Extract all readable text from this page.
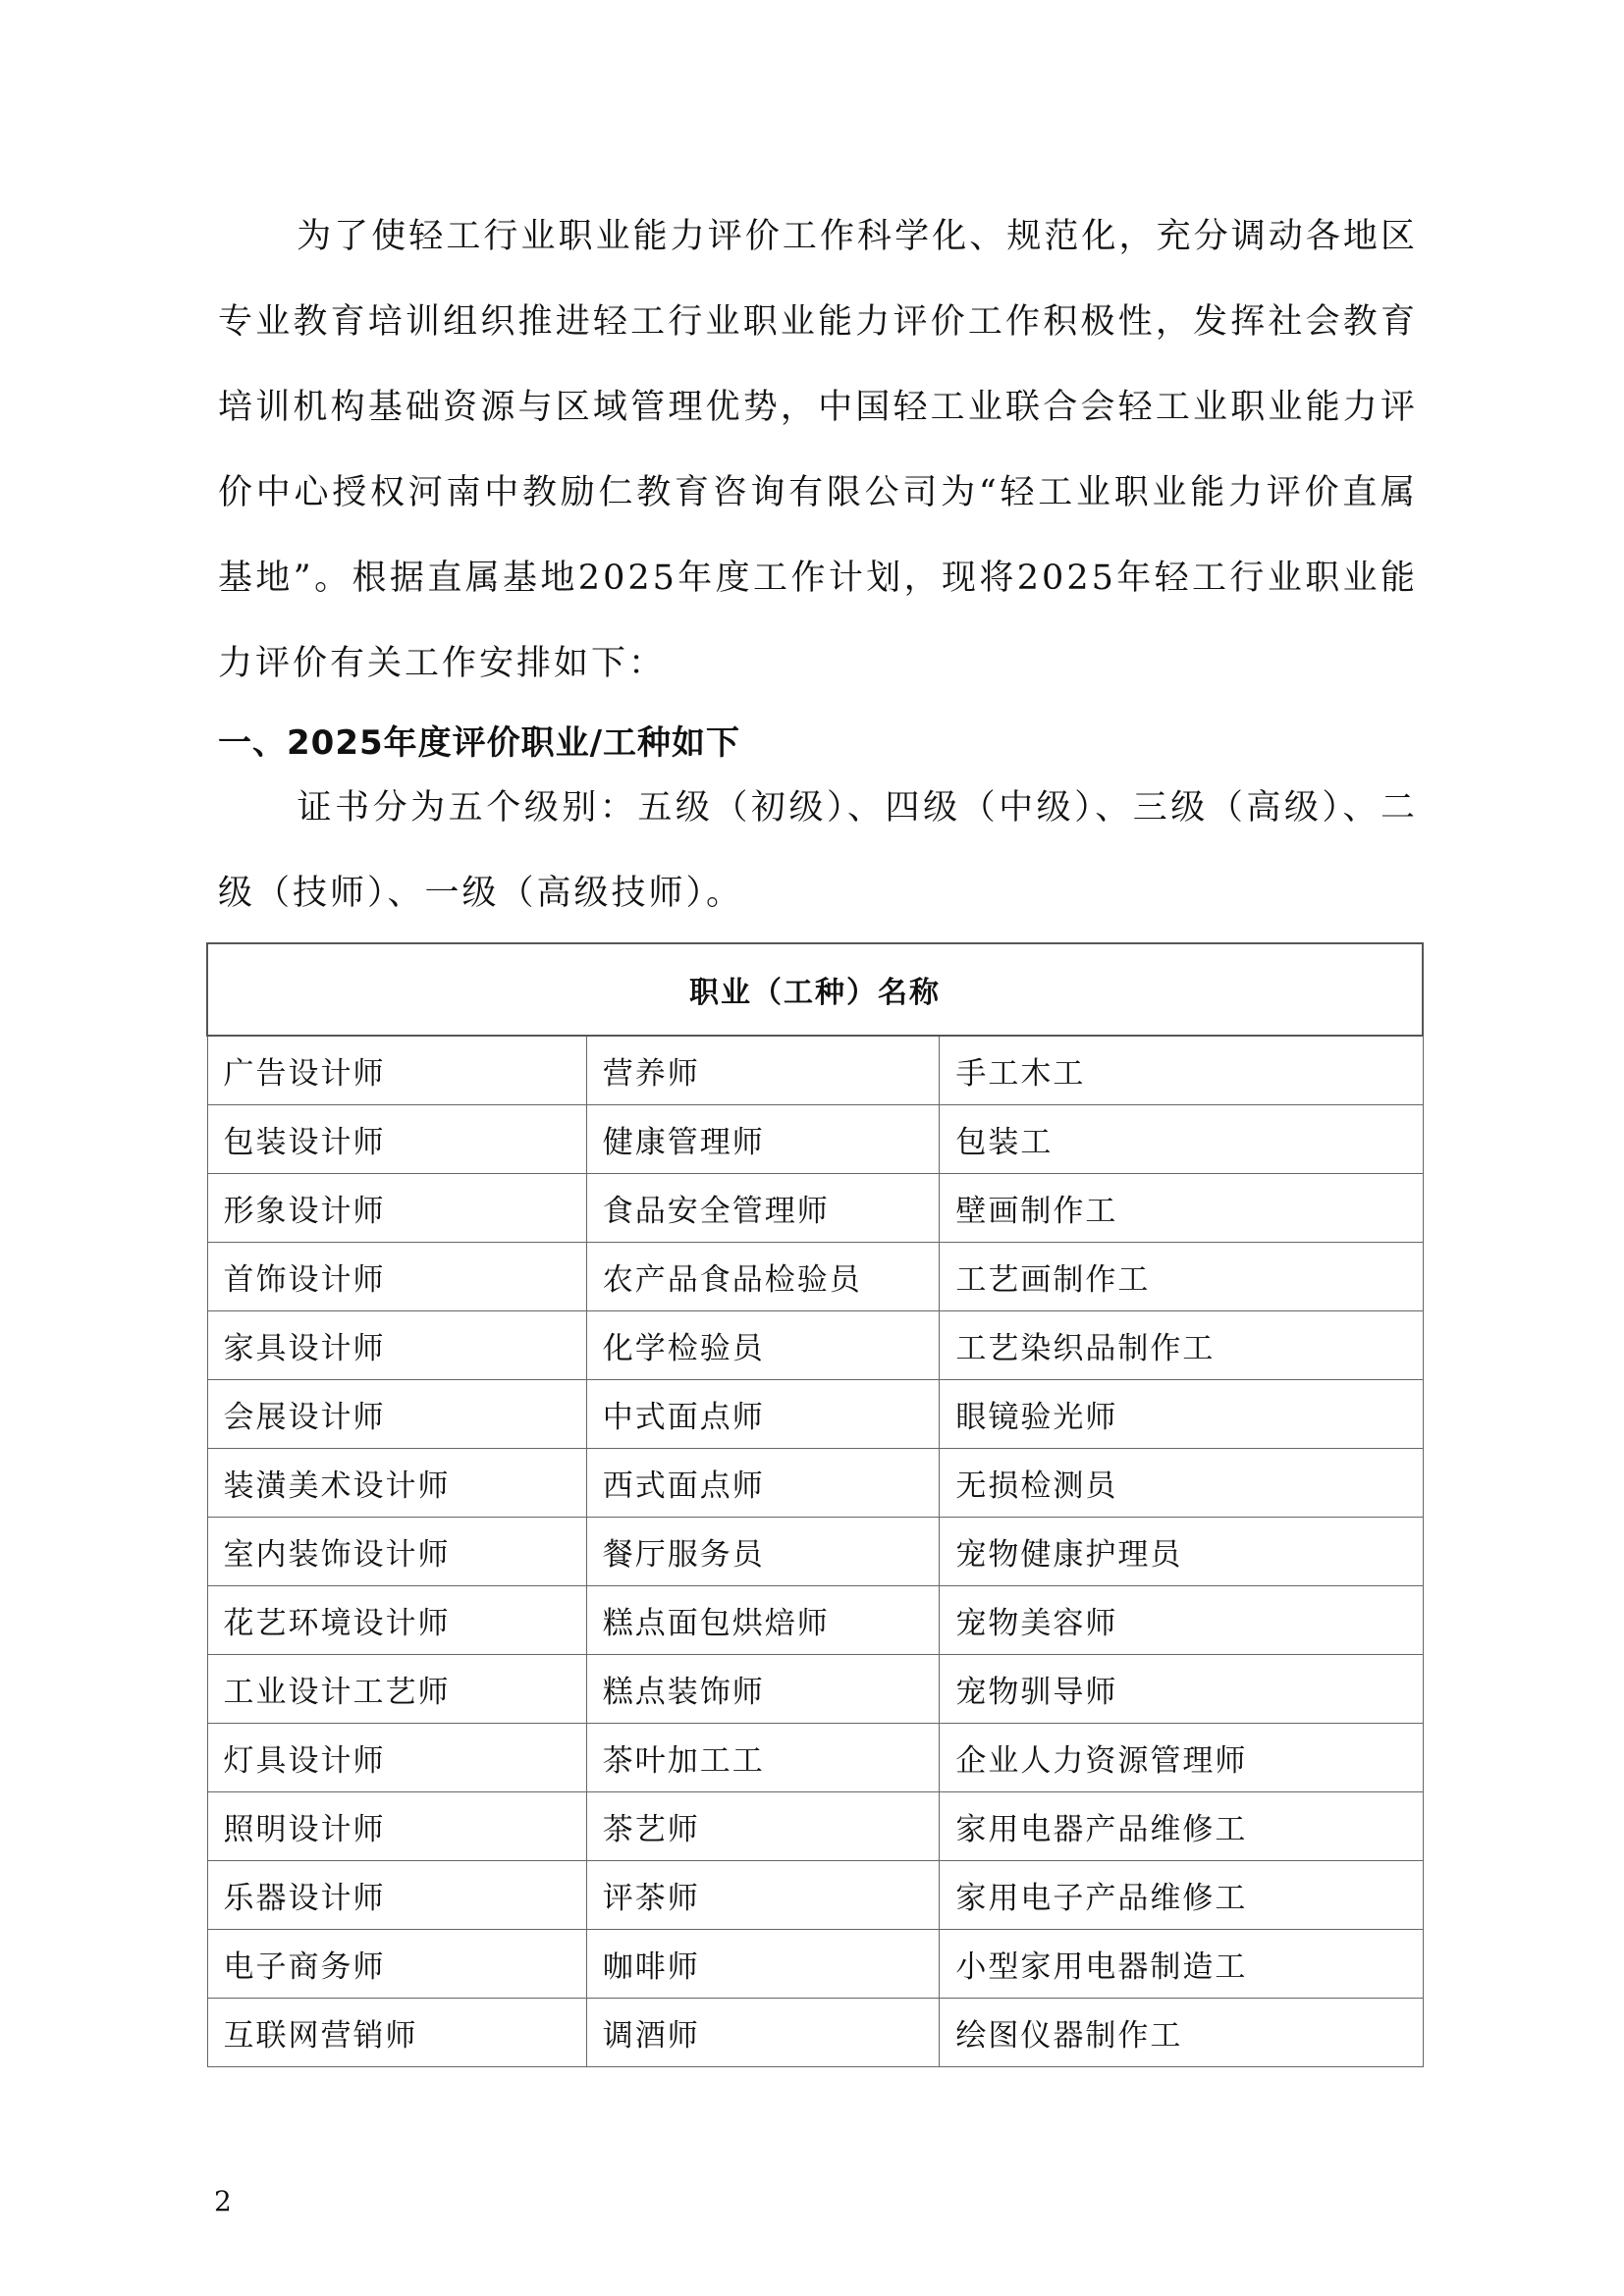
为了使轻工行业职业能力评价工作科学化、规范化，充分调动各地区专业教育培训组织推进轻工行业职业能力评价工作积极性，发挥社会教育培训机构基础资源与区域管理优势，中国轻工业联合会轻工业职业能力评价中心授权河南中教励仁教育咨询有限公司为“轻工业职业能力评价直属基地”。根据直属基地2025年度工作计划，现将2025年轻工行业职业能力评价有关工作安排如下：

一、2025年度评价职业/工种如下

证书分为五个级别：五级（初级）、四级（中级）、三级（高级）、二级（技师）、一级（高级技师）。

职业（工种）名称		
广告设计师	营养师	手工木工
包装设计师	健康管理师	包装工
形象设计师	食品安全管理师	壁画制作工
首饰设计师	农产品食品检验员	工艺画制作工
家具设计师	化学检验员	工艺染织品制作工
会展设计师	中式面点师	眼镜验光师
装潢美术设计师	西式面点师	无损检测员
室内装饰设计师	餐厅服务员	宠物健康护理员
花艺环境设计师	糕点面包烘焙师	宠物美容师
工业设计工艺师	糕点装饰师	宠物驯导师
灯具设计师	茶叶加工工	企业人力资源管理师
照明设计师	茶艺师	家用电器产品维修工
乐器设计师	评茶师	家用电子产品维修工
电子商务师	咖啡师	小型家用电器制造工
互联网营销师	调酒师	绘图仪器制作工
2
